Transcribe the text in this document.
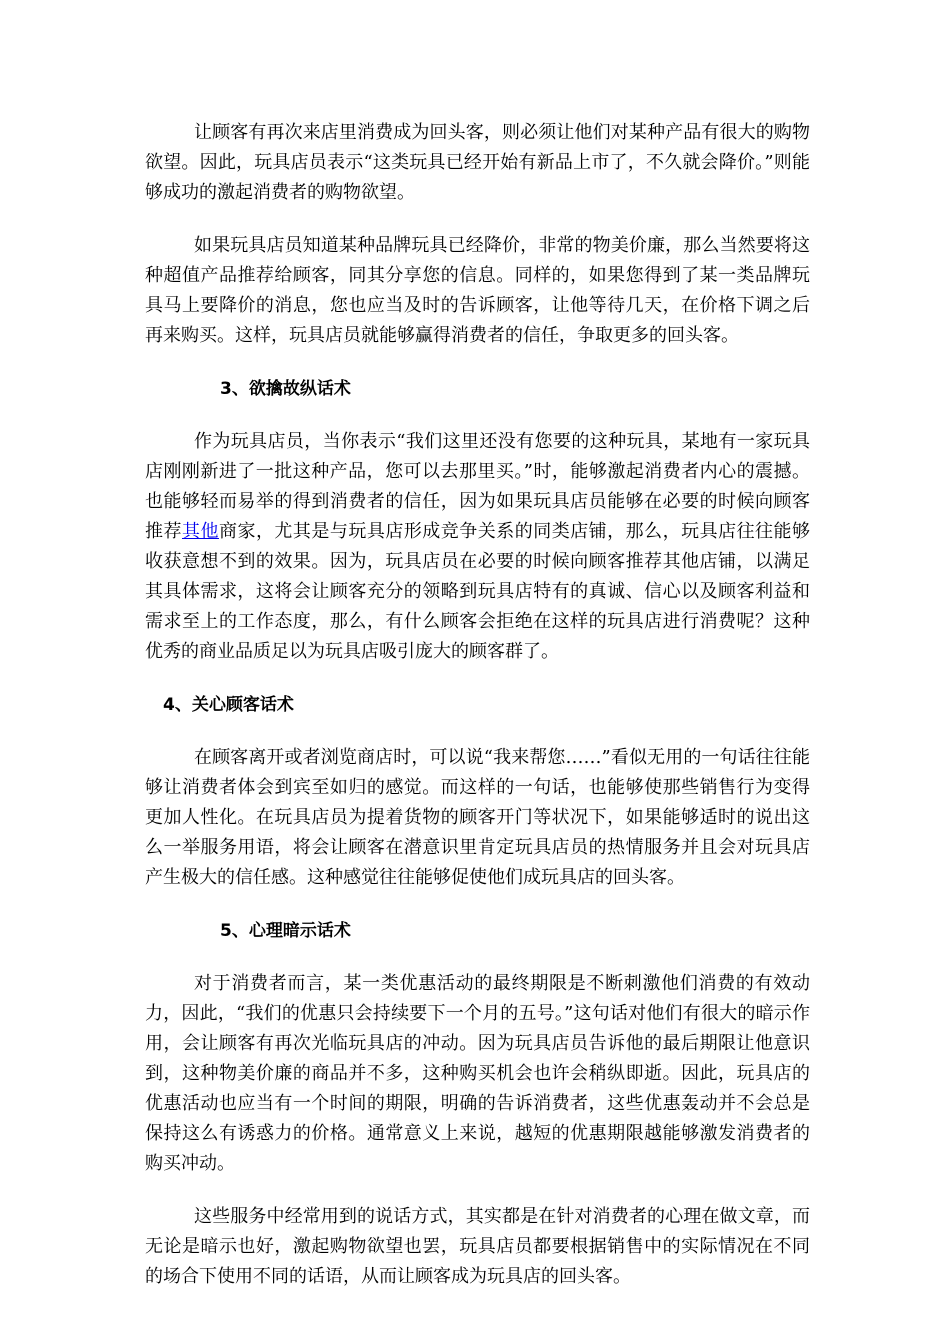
让顾客有再次来店里消费成为回头客，则必须让他们对某种产品有很大的购物欲望。因此，玩具店员表示“这类玩具已经开始有新品上市了，不久就会降价。”则能够成功的激起消费者的购物欲望。

如果玩具店员知道某种品牌玩具已经降价，非常的物美价廉，那么当然要将这种超值产品推荐给顾客，同其分享您的信息。同样的，如果您得到了某一类品牌玩具马上要降价的消息，您也应当及时的告诉顾客，让他等待几天，在价格下调之后再来购买。这样，玩具店员就能够赢得消费者的信任，争取更多的回头客。

3、欲擒故纵话术

作为玩具店员，当你表示“我们这里还没有您要的这种玩具，某地有一家玩具店刚刚新进了一批这种产品，您可以去那里买。”时，能够激起消费者内心的震撼。也能够轻而易举的得到消费者的信任，因为如果玩具店员能够在必要的时候向顾客推荐其他商家，尤其是与玩具店形成竞争关系的同类店铺，那么，玩具店往往能够收获意想不到的效果。因为，玩具店员在必要的时候向顾客推荐其他店铺，以满足其具体需求，这将会让顾客充分的领略到玩具店特有的真诚、信心以及顾客利益和需求至上的工作态度，那么，有什么顾客会拒绝在这样的玩具店进行消费呢？这种优秀的商业品质足以为玩具店吸引庞大的顾客群了。

4、关心顾客话术

在顾客离开或者浏览商店时，可以说“我来帮您……”看似无用的一句话往往能够让消费者体会到宾至如归的感觉。而这样的一句话，也能够使那些销售行为变得更加人性化。在玩具店员为提着货物的顾客开门等状况下，如果能够适时的说出这么一举服务用语，将会让顾客在潜意识里肯定玩具店员的热情服务并且会对玩具店产生极大的信任感。这种感觉往往能够促使他们成玩具店的回头客。

5、心理暗示话术

对于消费者而言，某一类优惠活动的最终期限是不断刺激他们消费的有效动力，因此，“我们的优惠只会持续要下一个月的五号。”这句话对他们有很大的暗示作用，会让顾客有再次光临玩具店的冲动。因为玩具店员告诉他的最后期限让他意识到，这种物美价廉的商品并不多，这种购买机会也许会稍纵即逝。因此，玩具店的优惠活动也应当有一个时间的期限，明确的告诉消费者，这些优惠轰动并不会总是保持这么有诱惑力的价格。通常意义上来说，越短的优惠期限越能够激发消费者的购买冲动。

这些服务中经常用到的说话方式，其实都是在针对消费者的心理在做文章，而无论是暗示也好，激起购物欲望也罢，玩具店员都要根据销售中的实际情况在不同的场合下使用不同的话语，从而让顾客成为玩具店的回头客。
